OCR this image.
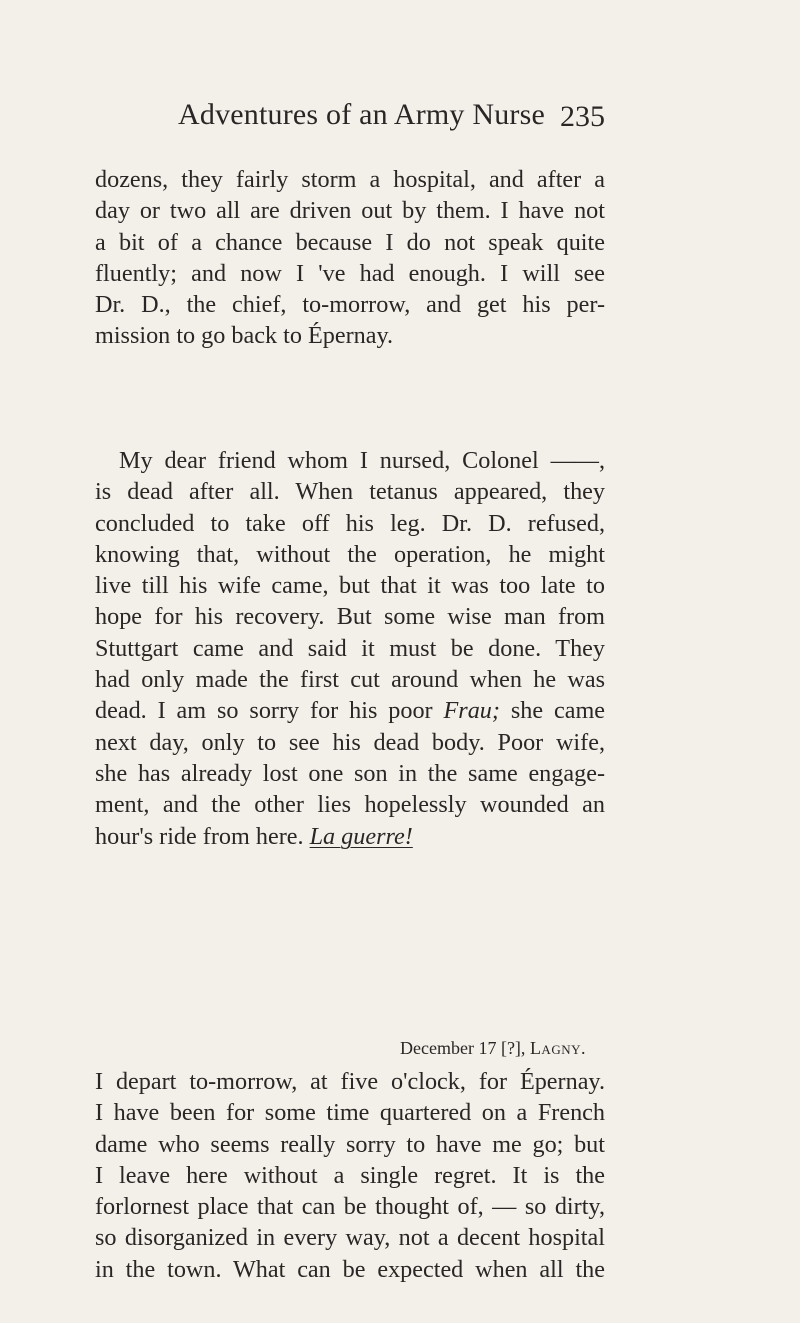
Adventures of an Army Nurse 235
dozens, they fairly storm a hospital, and after a
day or two all are driven out by them. I have not
a bit of a chance because I do not speak quite
fluently; and now I 've had enough. I will see
Dr. D., the chief, to-morrow, and get his per-
mission to go back to Épernay.
My dear friend whom I nursed, Colonel ——,
is dead after all. When tetanus appeared, they
concluded to take off his leg. Dr. D. refused,
knowing that, without the operation, he might
live till his wife came, but that it was too late to
hope for his recovery. But some wise man from
Stuttgart came and said it must be done. They
had only made the first cut around when he was
dead. I am so sorry for his poor Frau; she came
next day, only to see his dead body. Poor wife,
she has already lost one son in the same engage-
ment, and the other lies hopelessly wounded an
hour's ride from here. La guerre!
December 17 [?], Lagny.
I depart to-morrow, at five o'clock, for Épernay.
I have been for some time quartered on a French
dame who seems really sorry to have me go; but
I leave here without a single regret. It is the
forlornest place that can be thought of, — so dirty,
so disorganized in every way, not a decent hospital
in the town. What can be expected when all the
